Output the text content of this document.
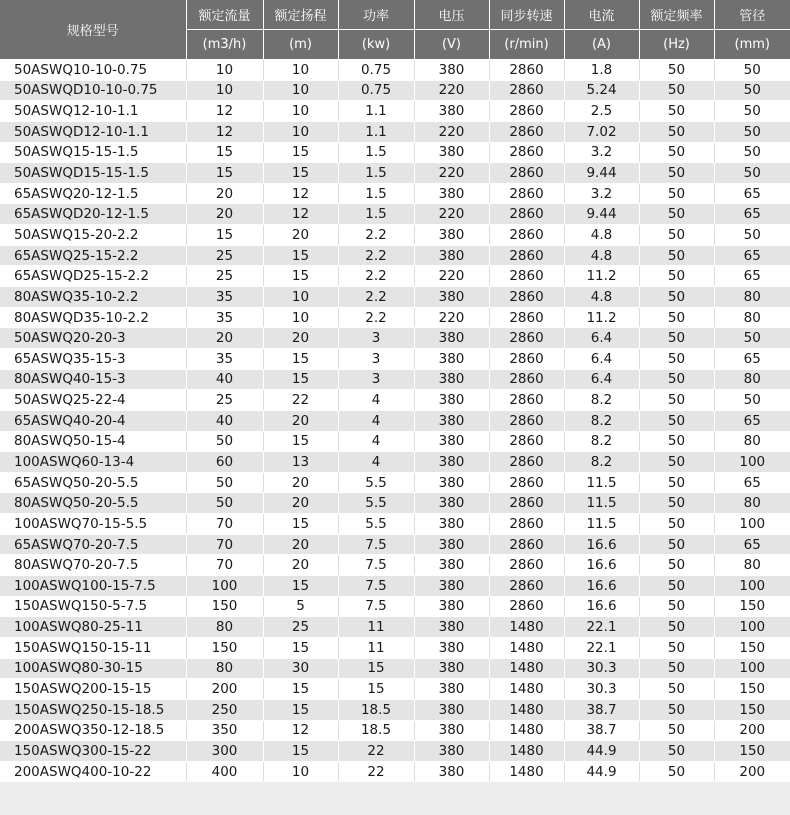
规格型号	额定流量	额定扬程	功率	电压	同步转速	电流	额定频率	管径
	(m3/h)	(m)	(kw)	(V)	(r/min)	(A)	(Hz)	(mm)
50ASWQ10-10-0.75	10	10	0.75	380	2860	1.8	50	50
50ASWQD10-10-0.75	10	10	0.75	220	2860	5.24	50	50
50ASWQ12-10-1.1	12	10	1.1	380	2860	2.5	50	50
50ASWQD12-10-1.1	12	10	1.1	220	2860	7.02	50	50
50ASWQ15-15-1.5	15	15	1.5	380	2860	3.2	50	50
50ASWQD15-15-1.5	15	15	1.5	220	2860	9.44	50	50
65ASWQ20-12-1.5	20	12	1.5	380	2860	3.2	50	65
65ASWQD20-12-1.5	20	12	1.5	220	2860	9.44	50	65
50ASWQ15-20-2.2	15	20	2.2	380	2860	4.8	50	50
65ASWQ25-15-2.2	25	15	2.2	380	2860	4.8	50	65
65ASWQD25-15-2.2	25	15	2.2	220	2860	11.2	50	65
80ASWQ35-10-2.2	35	10	2.2	380	2860	4.8	50	80
80ASWQD35-10-2.2	35	10	2.2	220	2860	11.2	50	80
50ASWQ20-20-3	20	20	3	380	2860	6.4	50	50
65ASWQ35-15-3	35	15	3	380	2860	6.4	50	65
80ASWQ40-15-3	40	15	3	380	2860	6.4	50	80
50ASWQ25-22-4	25	22	4	380	2860	8.2	50	50
65ASWQ40-20-4	40	20	4	380	2860	8.2	50	65
80ASWQ50-15-4	50	15	4	380	2860	8.2	50	80
100ASWQ60-13-4	60	13	4	380	2860	8.2	50	100
65ASWQ50-20-5.5	50	20	5.5	380	2860	11.5	50	65
80ASWQ50-20-5.5	50	20	5.5	380	2860	11.5	50	80
100ASWQ70-15-5.5	70	15	5.5	380	2860	11.5	50	100
65ASWQ70-20-7.5	70	20	7.5	380	2860	16.6	50	65
80ASWQ70-20-7.5	70	20	7.5	380	2860	16.6	50	80
100ASWQ100-15-7.5	100	15	7.5	380	2860	16.6	50	100
150ASWQ150-5-7.5	150	5	7.5	380	2860	16.6	50	150
100ASWQ80-25-11	80	25	11	380	1480	22.1	50	100
150ASWQ150-15-11	150	15	11	380	1480	22.1	50	150
100ASWQ80-30-15	80	30	15	380	1480	30.3	50	100
150ASWQ200-15-15	200	15	15	380	1480	30.3	50	150
150ASWQ250-15-18.5	250	15	18.5	380	1480	38.7	50	150
200ASWQ350-12-18.5	350	12	18.5	380	1480	38.7	50	200
150ASWQ300-15-22	300	15	22	380	1480	44.9	50	150
200ASWQ400-10-22	400	10	22	380	1480	44.9	50	200
